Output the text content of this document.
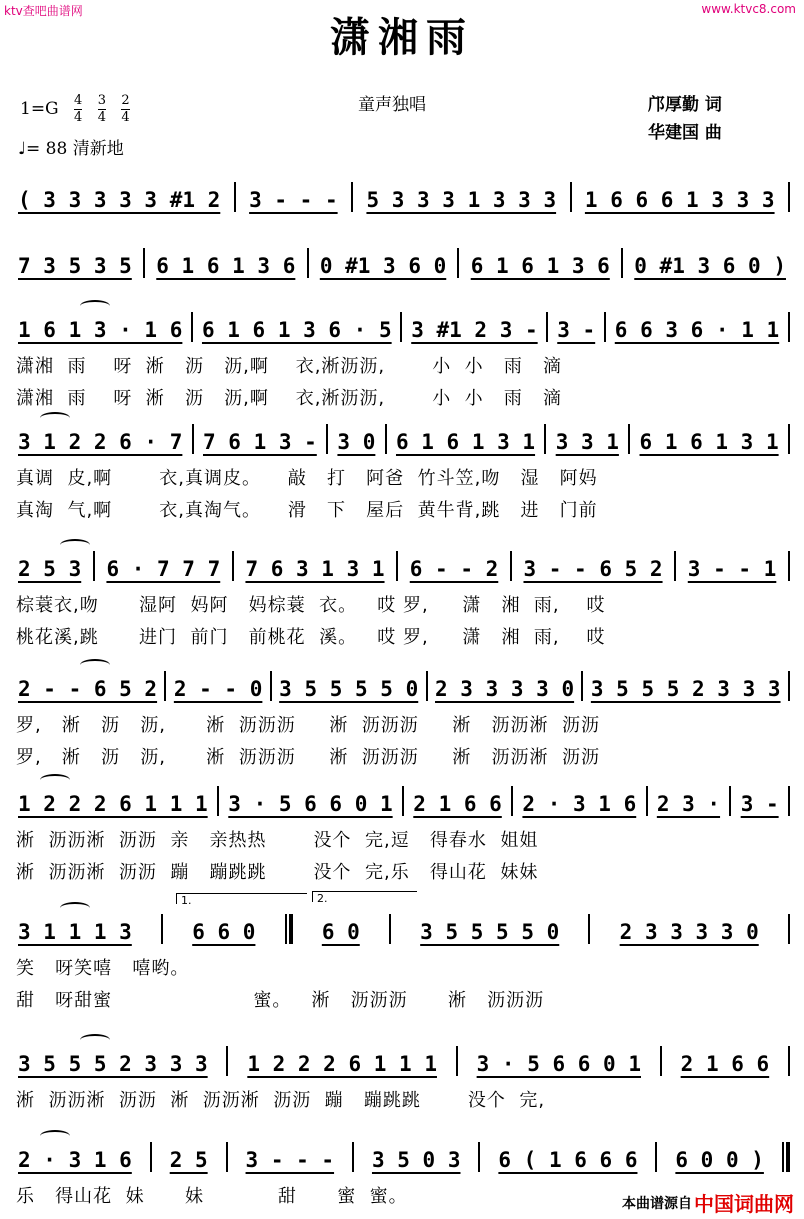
ktv查吧曲谱网	www.ktvc8.com
潇湘雨
1=G 4
4 3
4 2
4
♩= 88 清新地
童声独唱	邝厚勤 词
华建国 曲
( 3 3 3 3 3 #1 2 3 - - - 5 3 3 3 1 3 3 3 1 6 6 6 1 3 3 3
7 3 5 3 5 6 1 6 1 3 6 0 #1 3 6 0 6 1 6 1 3 6 0 #1 3 6 0 )
1 6 1 3 · 1 6 6 1 6 1 3 6 · 5 3 #1 2 3 - 3 - 6 6 3 6 · 1 1
潇湘  雨    呀  淅   沥   沥,啊    衣,淅沥沥,       小  小   雨   滴
潇湘  雨    呀  淅   沥   沥,啊    衣,淅沥沥,       小  小   雨   滴
3 1 2 2 6 · 7 7 6 1 3 - 3 0 6 1 6 1 3 1 3 3 1 6 1 6 1 3 1
真调  皮,啊       衣,真调皮。    敲   打   阿爸  竹斗笠,吻   湿   阿妈
真淘  气,啊       衣,真淘气。    滑   下   屋后  黄牛背,跳   进   门前
2 5 3 6 · 7 7 7 7 6 3 1 3 1 6 - - 2 3 - - 6 5 2 3 - - 1
棕蓑衣,吻      湿阿  妈阿   妈棕蓑  衣。   哎 罗,     潇   湘  雨,    哎
桃花溪,跳      进门  前门   前桃花  溪。   哎 罗,     潇   湘  雨,    哎
2 - - 6 5 2 2 - - 0 3 5 5 5 5 0 2 3 3 3 3 0 3 5 5 5 2 3 3 3
罗,   淅   沥   沥,      淅  沥沥沥     淅  沥沥沥     淅   沥沥淅  沥沥
罗,   淅   沥   沥,      淅  沥沥沥     淅  沥沥沥     淅   沥沥淅  沥沥
1 2 2 2 6 1 1 1 3 · 5 6 6 0 1 2 1 6 6 2 · 3 1 6 2 3 · 3 -
淅  沥沥淅  沥沥  亲   亲热热       没个  完,逗   得春水  姐姐
淅  沥沥淅  沥沥  蹦   蹦跳跳       没个  完,乐   得山花  妹妹
3 1 1 1 3	6 6 0	6 0	3 5 5 5 5 0	2 3 3 3 3 0
笑   呀笑嘻   嘻哟。
甜   呀甜蜜                     蜜。   淅   沥沥沥      淅   沥沥沥
3 5 5 5 2 3 3 3 1 2 2 2 6 1 1 1 3 · 5 6 6 0 1 2 1 6 6
淅  沥沥淅  沥沥  淅  沥沥淅  沥沥  蹦   蹦跳跳       没个  完,
2 · 3 1 6 2 5 3 - - - 3 5 0 3 6 ( 1 6 6 6 6 0 0 )
乐   得山花  妹      妹           甜      蜜  蜜。
1.	2.
本曲谱源自 中国词曲网
